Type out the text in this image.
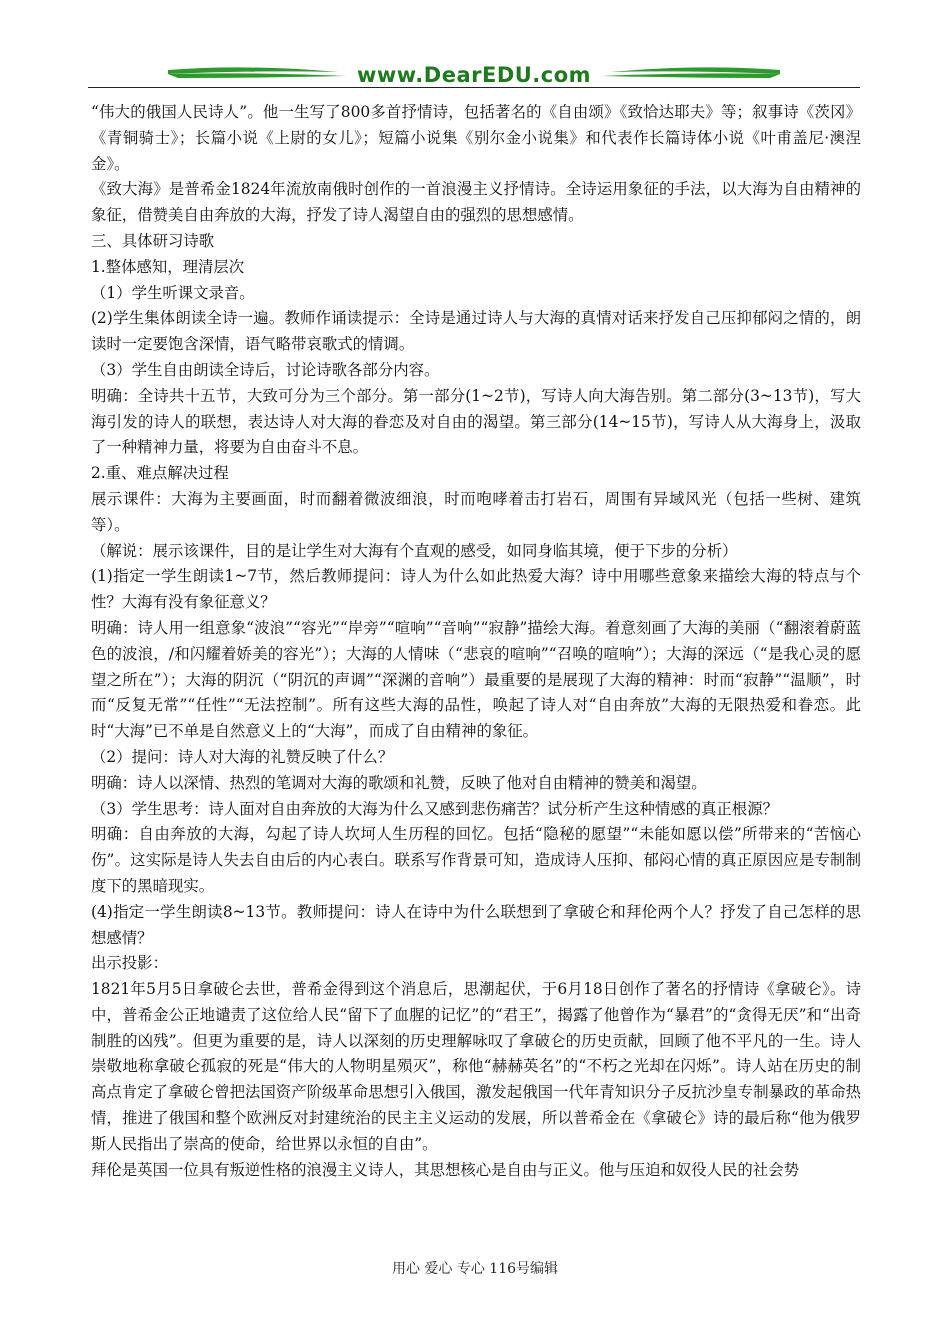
www.DearEDU.com

“伟大的俄国人民诗人”。他一生写了800多首抒情诗，包括著名的《自由颂》《致恰达耶夫》等；叙事诗《茨冈》《青铜骑士》；长篇小说《上尉的女儿》；短篇小说集《别尔金小说集》和代表作长篇诗体小说《叶甫盖尼·澳涅金》。

《致大海》是普希金1824年流放南俄时创作的一首浪漫主义抒情诗。全诗运用象征的手法，以大海为自由精神的象征，借赞美自由奔放的大海，抒发了诗人渴望自由的强烈的思想感情。

三、具体研习诗歌

1.整体感知，理清层次

（1）学生听课文录音。

(2)学生集体朗读全诗一遍。教师作诵读提示：全诗是通过诗人与大海的真情对话来抒发自己压抑郁闷之情的，朗读时一定要饱含深情，语气略带哀歌式的情调。

（3）学生自由朗读全诗后，讨论诗歌各部分内容。

明确：全诗共十五节，大致可分为三个部分。第一部分(1~2节)，写诗人向大海告别。第二部分(3~13节)，写大海引发的诗人的联想，表达诗人对大海的眷恋及对自由的渴望。第三部分(14~15节)，写诗人从大海身上，汲取了一种精神力量，将要为自由奋斗不息。

2.重、难点解决过程

展示课件：大海为主要画面，时而翻着微波细浪，时而咆哮着击打岩石，周围有异域风光（包括一些树、建筑等）。

（解说：展示该课件，目的是让学生对大海有个直观的感受，如同身临其境，便于下步的分析）

(1)指定一学生朗读1~7节，然后教师提问：诗人为什么如此热爱大海？诗中用哪些意象来描绘大海的特点与个性？大海有没有象征意义？

明确：诗人用一组意象“波浪”“容光”“岸旁”“喧响”“音响”“寂静”描绘大海。着意刻画了大海的美丽（“翻滚着蔚蓝色的波浪，/和闪耀着娇美的容光”）；大海的人情味（“悲哀的喧响”“召唤的喧响”）；大海的深远（“是我心灵的愿望之所在”）；大海的阴沉（“阴沉的声调”“深渊的音响”）最重要的是展现了大海的精神：时而“寂静”“温顺”，时而“反复无常”“任性”“无法控制”。所有这些大海的品性，唤起了诗人对“自由奔放”大海的无限热爱和眷恋。此时“大海”已不单是自然意义上的“大海”，而成了自由精神的象征。

（2）提问：诗人对大海的礼赞反映了什么？

明确：诗人以深情、热烈的笔调对大海的歌颂和礼赞，反映了他对自由精神的赞美和渴望。

（3）学生思考：诗人面对自由奔放的大海为什么又感到悲伤痛苦？试分析产生这种情感的真正根源？

明确：自由奔放的大海，勾起了诗人坎坷人生历程的回忆。包括“隐秘的愿望”“未能如愿以偿”所带来的“苦恼心伤”。这实际是诗人失去自由后的内心表白。联系写作背景可知，造成诗人压抑、郁闷心情的真正原因应是专制制度下的黑暗现实。

(4)指定一学生朗读8~13节。教师提问：诗人在诗中为什么联想到了拿破仑和拜伦两个人？抒发了自己怎样的思想感情？

出示投影：

1821年5月5日拿破仑去世，普希金得到这个消息后，思潮起伏，于6月18日创作了著名的抒情诗《拿破仑》。诗中，普希金公正地谴责了这位给人民“留下了血腥的记忆”的“君王”，揭露了他曾作为“暴君”的“贪得无厌”和“出奇制胜的凶残”。但更为重要的是，诗人以深刻的历史理解咏叹了拿破仑的历史贡献，回顾了他不平凡的一生。诗人崇敬地称拿破仑孤寂的死是“伟大的人物明星殒灭”，称他“赫赫英名”的“不朽之光却在闪烁”。诗人站在历史的制高点肯定了拿破仑曾把法国资产阶级革命思想引入俄国，激发起俄国一代年青知识分子反抗沙皇专制暴政的革命热情，推进了俄国和整个欧洲反对封建统治的民主主义运动的发展，所以普希金在《拿破仑》诗的最后称“他为俄罗斯人民指出了崇高的使命，给世界以永恒的自由”。

拜伦是英国一位具有叛逆性格的浪漫主义诗人，其思想核心是自由与正义。他与压迫和奴役人民的社会势

用心 爱心 专心 116号编辑
